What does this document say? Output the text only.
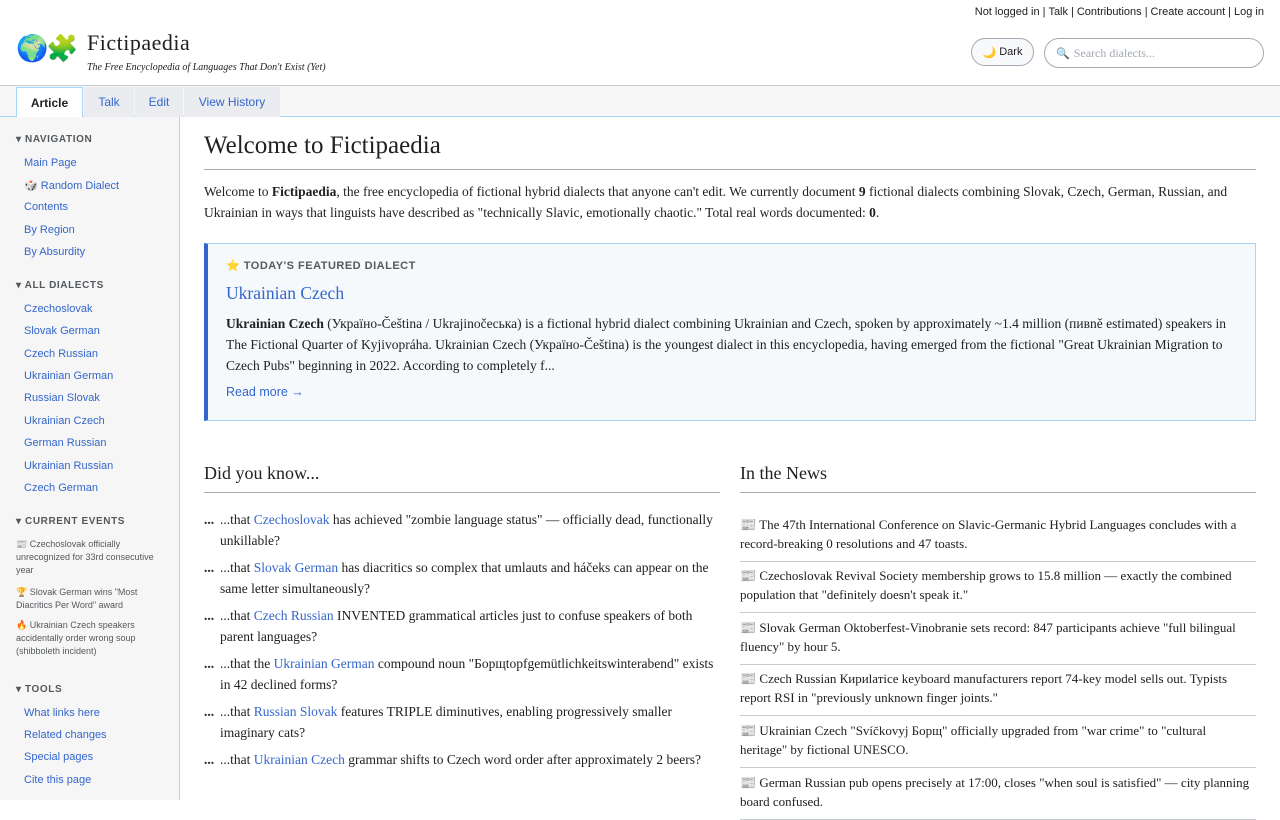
Not logged in | Talk | Contributions | Create account | Log in
🌍🧩 Fictipaedia
The Free Encyclopedia of Languages That Don't Exist (Yet)
🌙 Dark	🔍
Search dialects...
Article	Talk	Edit	View History
▾ NAVIGATION
Main Page
🎲 Random Dialect
Contents
By Region
By Absurdity
▾ ALL DIALECTS
Czechoslovak
Slovak German
Czech Russian
Ukrainian German
Russian Slovak
Ukrainian Czech
German Russian
Ukrainian Russian
Czech German
▾ CURRENT EVENTS
📰 Czechoslovak officially unrecognized for 33rd consecutive year
🏆 Slovak German wins "Most Diacritics Per Word" award
🔥 Ukrainian Czech speakers accidentally order wrong soup (shibboleth incident)
▾ TOOLS
What links here
Related changes
Special pages
Cite this page
Welcome to Fictipaedia
Welcome to Fictipaedia, the free encyclopedia of fictional hybrid dialects that anyone can't edit. We currently document 9 fictional dialects combining Slovak, Czech, German, Russian, and Ukrainian in ways that linguists have described as "technically Slavic, emotionally chaotic." Total real words documented: 0.
⭐ TODAY'S FEATURED DIALECT
Ukrainian Czech
Ukrainian Czech (Україно-Čeština / Ukrajinočeська) is a fictional hybrid dialect combining Ukrainian and Czech, spoken by approximately ~1.4 million (пивně estimated) speakers in The Fictional Quarter of Kyjivopráha. Ukrainian Czech (Україно-Čeština) is the youngest dialect in this encyclopedia, having emerged from the fictional "Great Ukrainian Migration to Czech Pubs" beginning in 2022. According to completely f...
Read more →
Did you know...
... ...that Czechoslovak has achieved "zombie language status" — officially dead, functionally unkillable?
... ...that Slovak German has diacritics so complex that umlauts and háčeks can appear on the same letter simultaneously?
... ...that Czech Russian INVENTED grammatical articles just to confuse speakers of both parent languages?
... ...that the Ukrainian German compound noun "Борщtopfgemütlichkeitswinterabend" exists in 42 declined forms?
... ...that Russian Slovak features TRIPLE diminutives, enabling progressively smaller imaginary cats?
... ...that Ukrainian Czech grammar shifts to Czech word order after approximately 2 beers?
In the News
📰 The 47th International Conference on Slavic-Germanic Hybrid Languages concludes with a record-breaking 0 resolutions and 47 toasts.
📰 Czechoslovak Revival Society membership grows to 15.8 million — exactly the combined population that "definitely doesn't speak it."
📰 Slovak German Oktoberfest-Vinobranie sets record: 847 participants achieve "full bilingual fluency" by hour 5.
📰 Czech Russian Кириlатice keyboard manufacturers report 74-key model sells out. Typists report RSI in "previously unknown finger joints."
📰 Ukrainian Czech "Svíčkovyj Борщ" officially upgraded from "war crime" to "cultural heritage" by fictional UNESCO.
📰 German Russian pub opens precisely at 17:00, closes "when soul is satisfied" — city planning board confused.
